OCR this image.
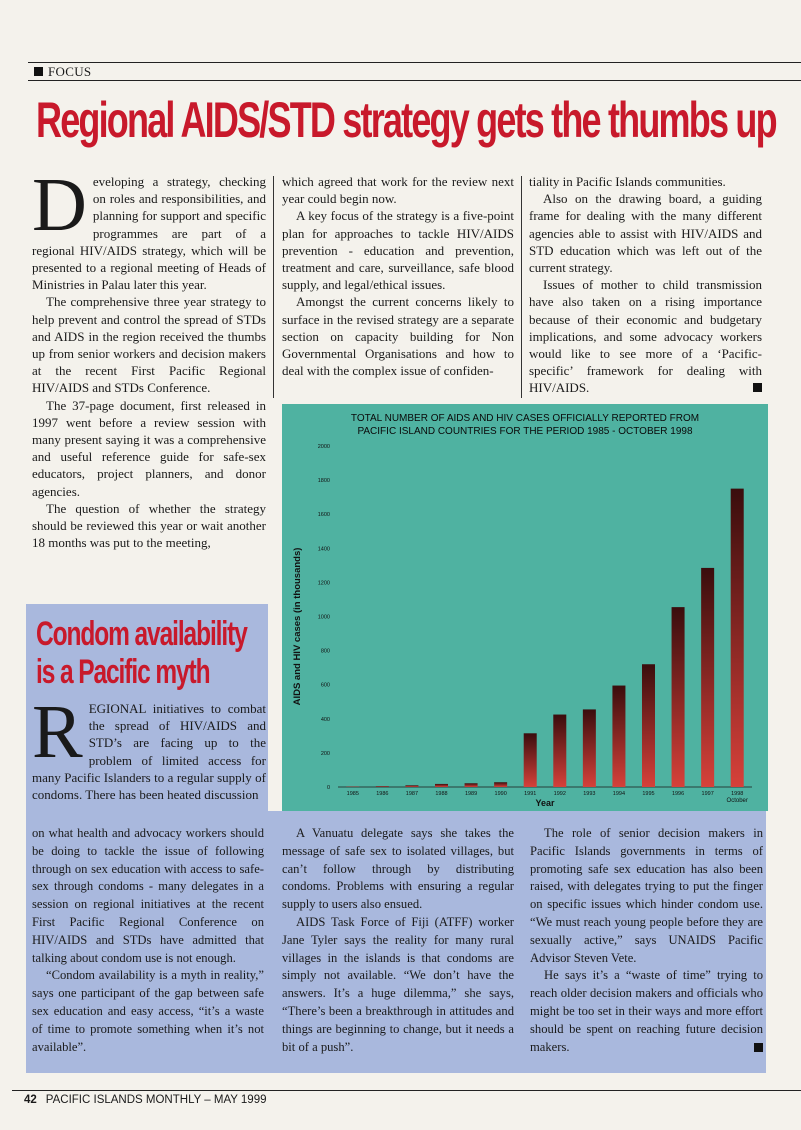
FOCUS
Regional AIDS/STD strategy gets the thumbs up

Developing a strategy, checking on roles and responsibilities, and planning for support and specific programmes are part of a regional HIV/AIDS strategy, which will be presented to a regional meeting of Heads of Ministries in Palau later this year.

The comprehensive three year strategy to help prevent and control the spread of STDs and AIDS in the region received the thumbs up from senior workers and decision makers at the recent First Pacific Regional HIV/AIDS and STDs Conference.

The 37-page document, first released in 1997 went before a review session with many present saying it was a comprehensive and useful reference guide for safe-sex educators, project planners, and donor agencies.

The question of whether the strategy should be reviewed this year or wait another 18 months was put to the meeting,

which agreed that work for the review next year could begin now.

A key focus of the strategy is a five-point plan for approaches to tackle HIV/AIDS prevention - education and prevention, treatment and care, surveillance, safe blood supply, and legal/ethical issues.

Amongst the current concerns likely to surface in the revised strategy are a separate section on capacity building for Non Governmental Organisations and how to deal with the complex issue of confiden-

tiality in Pacific Islands communities.

Also on the drawing board, a guiding frame for dealing with the many different agencies able to assist with HIV/AIDS and STD education which was left out of the current strategy.

Issues of mother to child transmission have also taken on a rising importance because of their economic and budgetary implications, and some advocacy workers would like to see more of a ‘Pacific-specific’ framework for dealing with HIV/AIDS.

TOTAL NUMBER OF AIDS AND HIV CASES OFFICIALLY REPORTED FROM
PACIFIC ISLAND COUNTRIES FOR THE PERIOD 1985 - OCTOBER 1998
0
200
400
600
800
1000
1200
1400
1600
1800
2000
AIDS and HIV cases (in thousands)
1985	1986	1987	1988	1989	1990	1991	1992	1993	1994	1995	1996	1997	1998
October
Year
Condom availability
is a Pacific myth

REGIONAL initiatives to combat the spread of HIV/AIDS and STD’s are facing up to the problem of limited access for many Pacific Islanders to a regular supply of condoms. There has been heated discussion

on what health and advocacy workers should be doing to tackle the issue of following through on sex education with access to safe-sex through condoms - many delegates in a session on regional initiatives at the recent First Pacific Regional Conference on HIV/AIDS and STDs have admitted that talking about condom use is not enough.

“Condom availability is a myth in reality,” says one participant of the gap between safe sex education and easy access, “it’s a waste of time to promote something when it’s not available”.

A Vanuatu delegate says she takes the message of safe sex to isolated villages, but can’t follow through by distributing condoms. Problems with ensuring a regular supply to users also ensued.

AIDS Task Force of Fiji (ATFF) worker Jane Tyler says the reality for many rural villages in the islands is that condoms are simply not available. “We don’t have the answers. It’s a huge dilemma,” she says, “There’s been a breakthrough in attitudes and things are beginning to change, but it needs a bit of a push”.

The role of senior decision makers in Pacific Islands governments in terms of promoting safe sex education has also been raised, with delegates trying to put the finger on specific issues which hinder condom use. “We must reach young people before they are sexually active,” says UNAIDS Pacific Advisor Steven Vete.

He says it’s a “waste of time” trying to reach older decision makers and officials who might be too set in their ways and more effort should be spent on reaching future decision makers.

42 PACIFIC ISLANDS MONTHLY – MAY 1999
